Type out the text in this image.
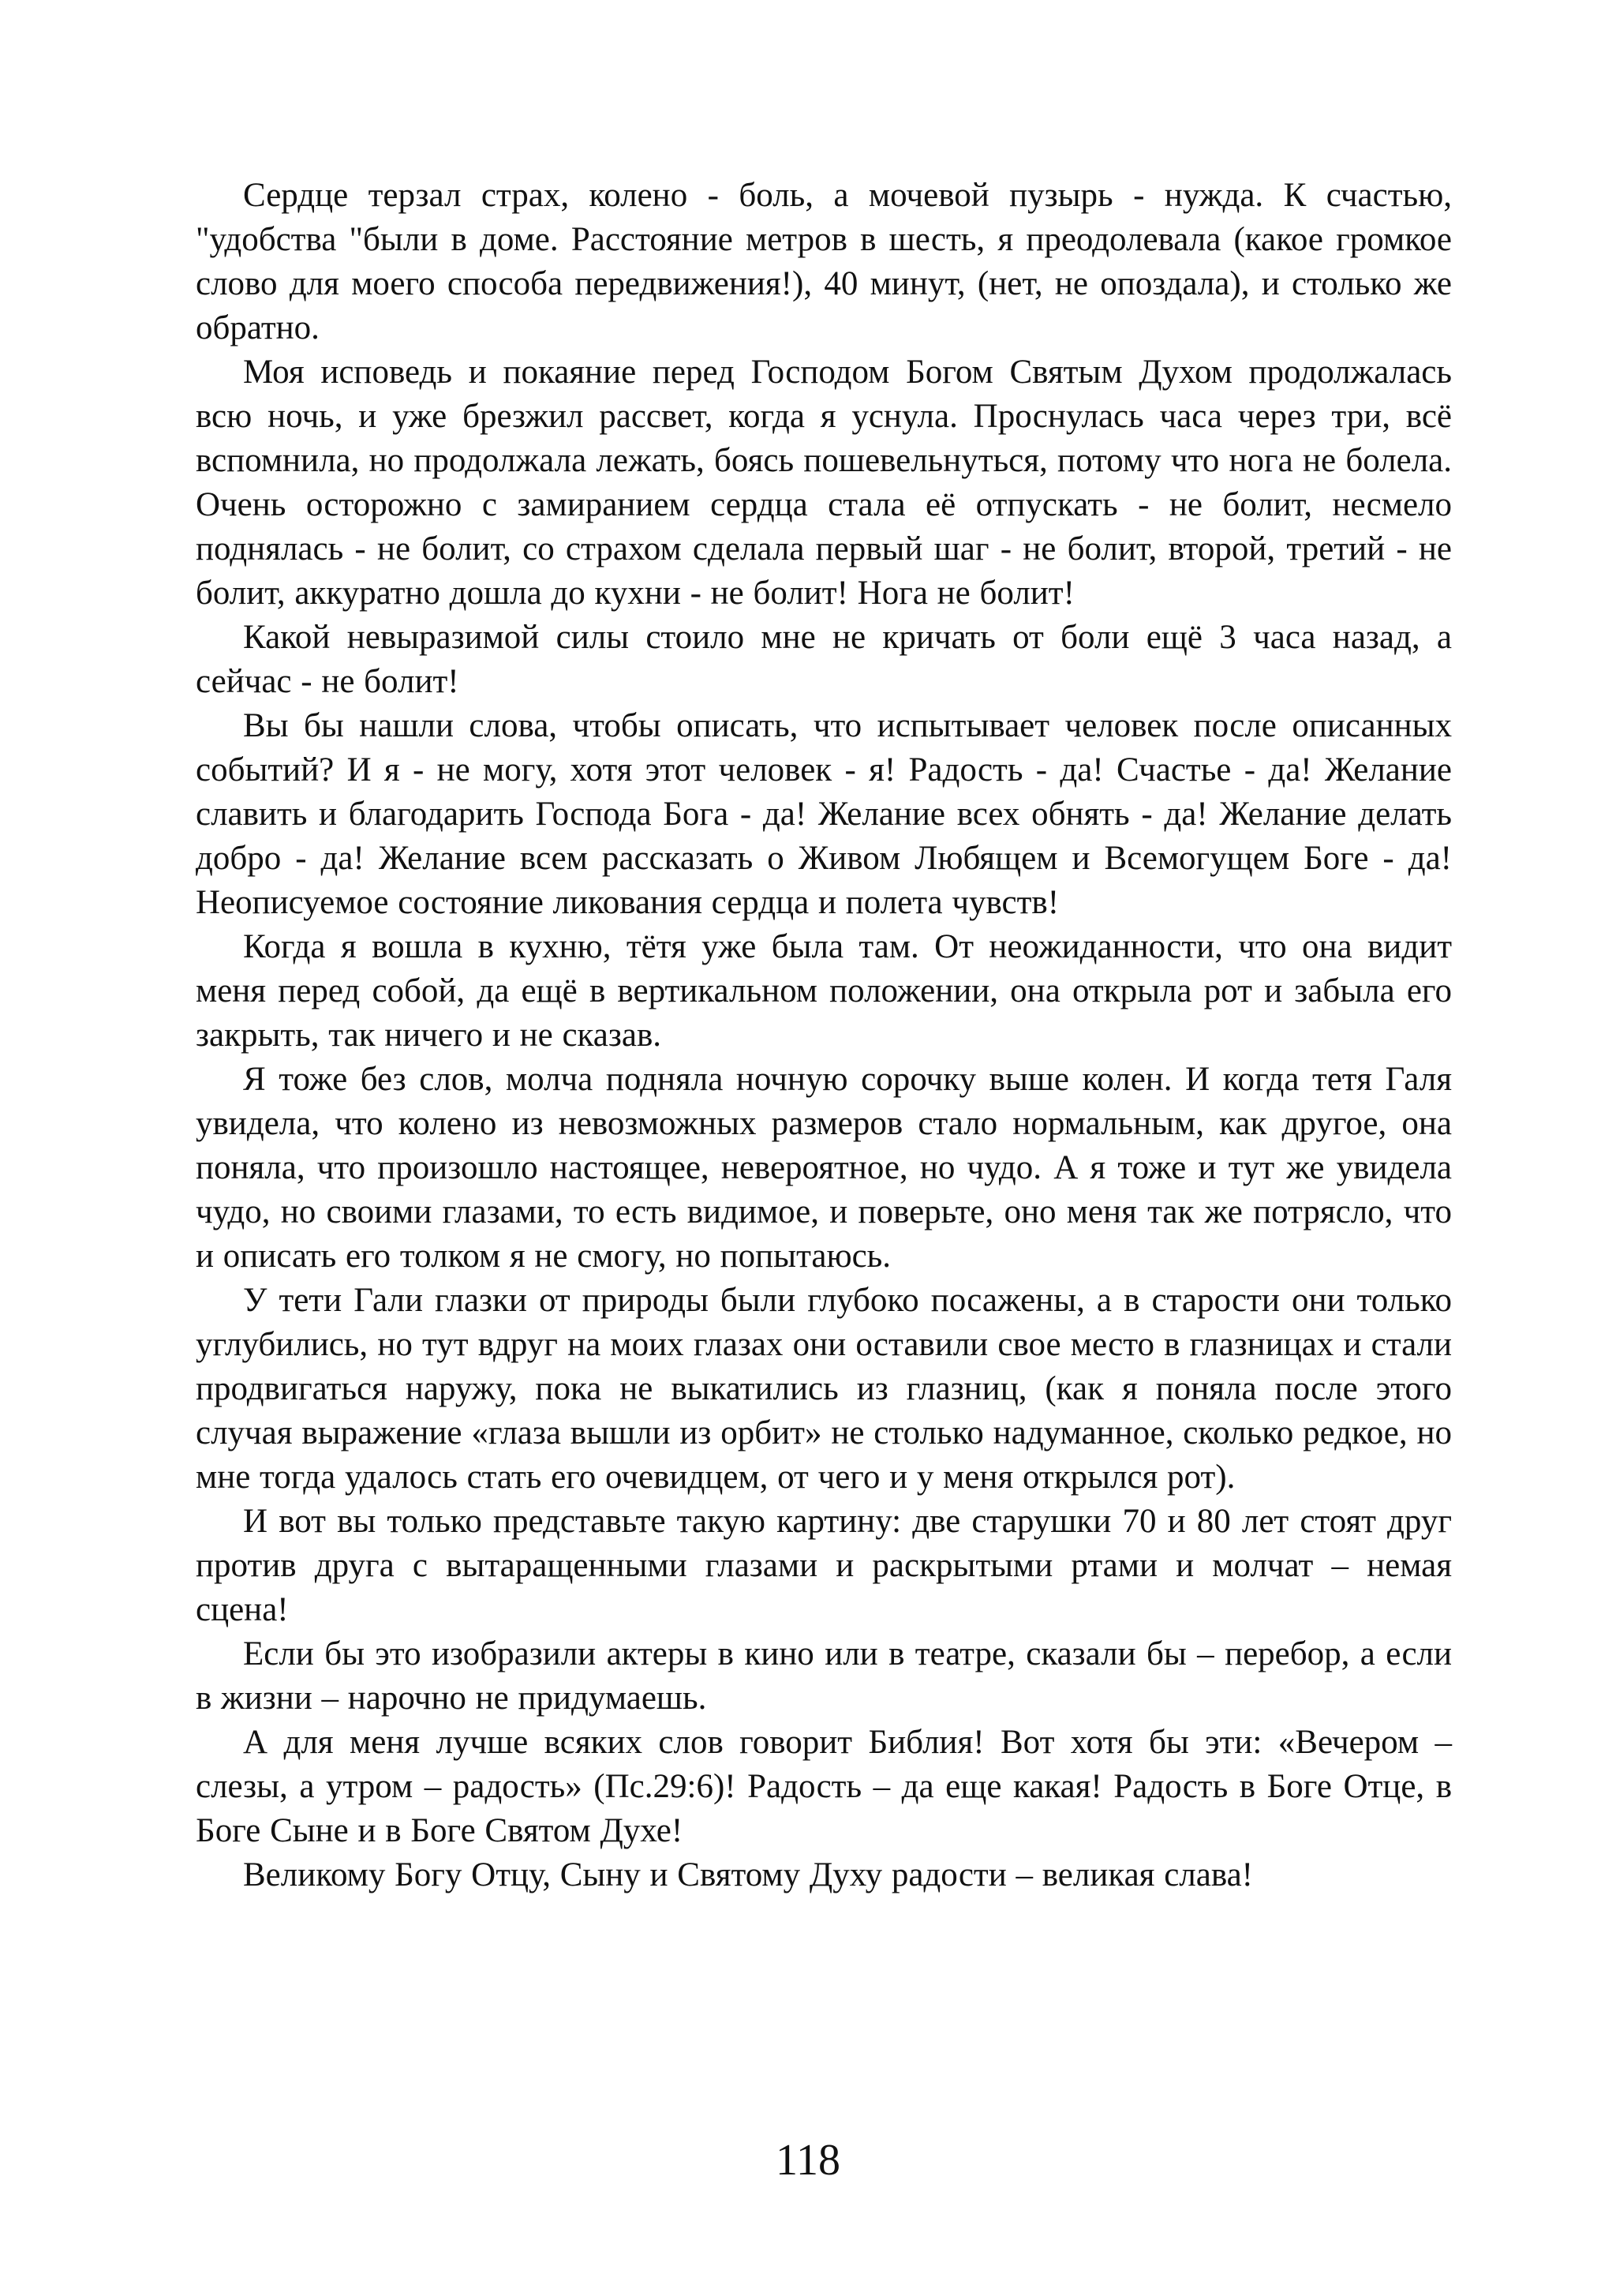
Сердце терзал страх, колено - боль, а мочевой пузырь - нужда. К счастью, "удобства "были в доме. Расстояние метров в шесть, я преодолевала (какое громкое слово для моего способа передвижения!), 40 минут, (нет, не опоздала), и столько же обратно.

Моя исповедь и покаяние перед Господом Богом Святым Духом продолжалась всю ночь, и уже брезжил рассвет, когда я уснула. Проснулась часа через три, всё вспомнила, но продолжала лежать, боясь пошевельнуться, потому что нога не болела. Очень осторожно с замиранием сердца стала её отпускать - не болит, несмело поднялась - не болит, со страхом сделала первый шаг - не болит, второй, третий - не болит, аккуратно дошла до кухни - не болит! Нога не болит!

Какой невыразимой силы стоило мне не кричать от боли ещё 3 часа назад, а сейчас - не болит!

Вы бы нашли слова, чтобы описать, что испытывает человек после описанных событий? И я - не могу, хотя этот человек - я! Радость - да! Счастье - да! Желание славить и благодарить Господа Бога - да! Желание всех обнять - да! Желание делать добро - да! Желание всем рассказать о Живом Любящем и Всемогущем Боге - да! Неописуемое состояние ликования сердца и полета чувств!

Когда я вошла в кухню, тётя уже была там. От неожиданности, что она видит меня перед собой, да ещё в вертикальном положении, она открыла рот и забыла его закрыть, так ничего и не сказав.

Я тоже без слов, молча подняла ночную сорочку выше колен. И когда тетя Галя увидела, что колено из невозможных размеров стало нормальным, как другое, она поняла, что произошло настоящее, невероятное, но чудо. А я тоже и тут же увидела чудо, но своими глазами, то есть видимое, и поверьте, оно меня так же потрясло, что и описать его толком я не смогу, но попытаюсь.

У тети Гали глазки от природы были глубоко посажены, а в старости они только углубились, но тут вдруг на моих глазах они оставили свое место в глазницах и стали продвигаться наружу, пока не выкатились из глазниц, (как я поняла после этого случая выражение «глаза вышли из орбит» не столько надуманное, сколько редкое, но мне тогда удалось стать его очевидцем, от чего и у меня открылся рот).

И вот вы только представьте такую картину: две старушки 70 и 80 лет стоят друг против друга с вытаращенными глазами и раскрытыми ртами и молчат – немая сцена!

Если бы это изобразили актеры в кино или в театре, сказали бы – перебор, а если в жизни – нарочно не придумаешь.

А для меня лучше всяких слов говорит Библия! Вот хотя бы эти: «Вечером – слезы, а утром – радость» (Пс.29:6)! Радость – да еще какая! Радость в Боге Отце, в Боге Сыне и в Боге Святом Духе!

Великому Богу Отцу, Сыну и Святому Духу радости – великая слава!

118
